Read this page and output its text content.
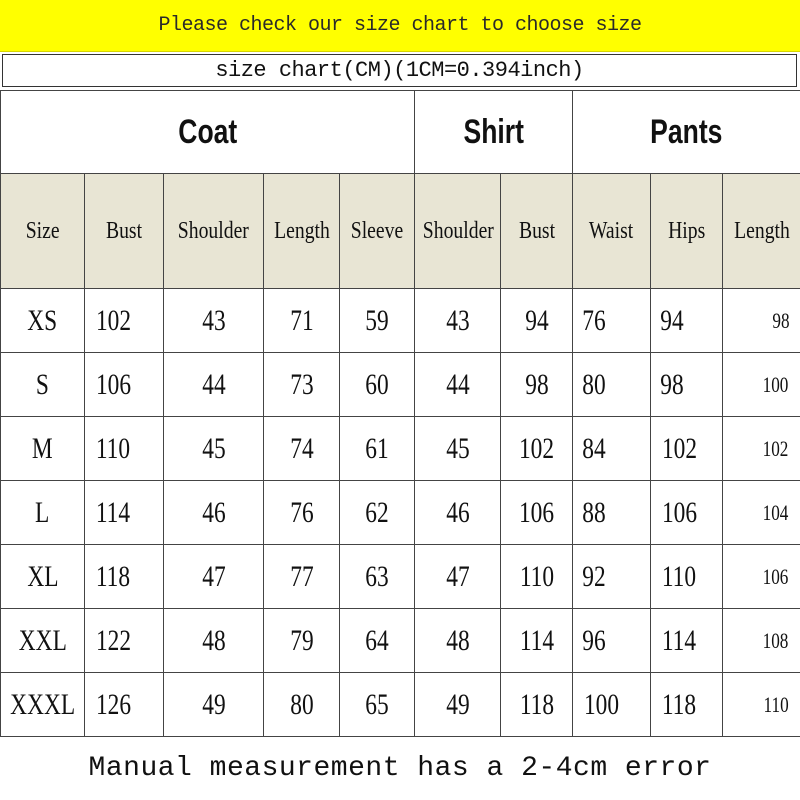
Please check our size chart to choose size
size chart(CM)(1CM=0.394inch)
Coat					Shirt		Pants		
Size	Bust	Shoulder	Length	Sleeve	Shoulder	Bust	Waist	Hips	Length
XS	102	43	71	59	43	94	76	94	98
S	106	44	73	60	44	98	80	98	100
M	110	45	74	61	45	102	84	102	102
L	114	46	76	62	46	106	88	106	104
XL	118	47	77	63	47	110	92	110	106
XXL	122	48	79	64	48	114	96	114	108
XXXL	126	49	80	65	49	118	100	118	110
Manual measurement has a 2-4cm error
